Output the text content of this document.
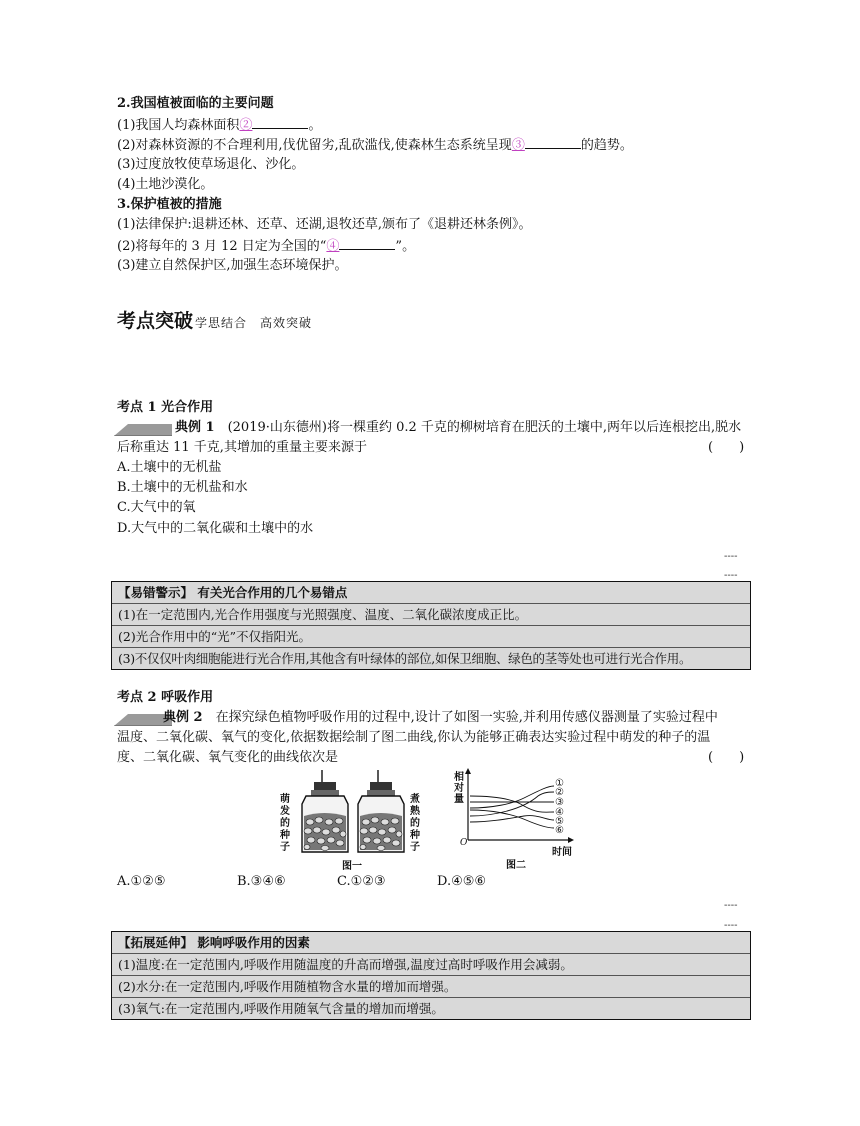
2.我国植被面临的主要问题
(1)我国人均森林面积②	。
(2)对森林资源的不合理利用,伐优留劣,乱砍滥伐,使森林生态系统呈现③	的趋势。
(3)过度放牧使草场退化、沙化。
(4)土地沙漠化。
3.保护植被的措施
(1)法律保护:退耕还林、还草、还湖,退牧还草,颁布了《退耕还林条例》。
(2)将每年的 3 月 12 日定为全国的“④	”。
(3)建立自然保护区,加强生态环境保护。
考点突破 学思结合　高效突破
考点 1 光合作用
典例 1　 (2019·山东德州)将一棵重约 0.2 千克的柳树培育在肥沃的土壤中,两年以后连根挖出,脱水
后称重达 11 千克,其增加的重量主要来源于	(　　)
A.土壤中的无机盐
B.土壤中的无机盐和水
C.大气中的氧
D.大气中的二氧化碳和土壤中的水
----
----
【易错警示】 有关光合作用的几个易错点
(1)在一定范围内,光合作用强度与光照强度、温度、二氧化碳浓度成正比。
(2)光合作用中的“光”不仅指阳光。
(3)不仅仅叶肉细胞能进行光合作用,其他含有叶绿体的部位,如保卫细胞、绿色的茎等处也可进行光合作用。
考点 2 呼吸作用
典例 2　 在探究绿色植物呼吸作用的过程中,设计了如图一实验,并利用传感仪器测量了实验过程中
温度、二氧化碳、氧气的变化,依据数据绘制了图二曲线,你认为能够正确表达实验过程中萌发的种子的温
度、二氧化碳、氧气变化的曲线依次是	(　　)
萌发的种子
煮熟的种子
图一
相对量
①
②
③
④
⑤
⑥
O
时间
图二
A.①②⑤	B.③④⑥	C.①②③	D.④⑤⑥
----
----
【拓展延伸】 影响呼吸作用的因素
(1)温度:在一定范围内,呼吸作用随温度的升高而增强,温度过高时呼吸作用会减弱。
(2)水分:在一定范围内,呼吸作用随植物含水量的增加而增强。
(3)氧气:在一定范围内,呼吸作用随氧气含量的增加而增强。
